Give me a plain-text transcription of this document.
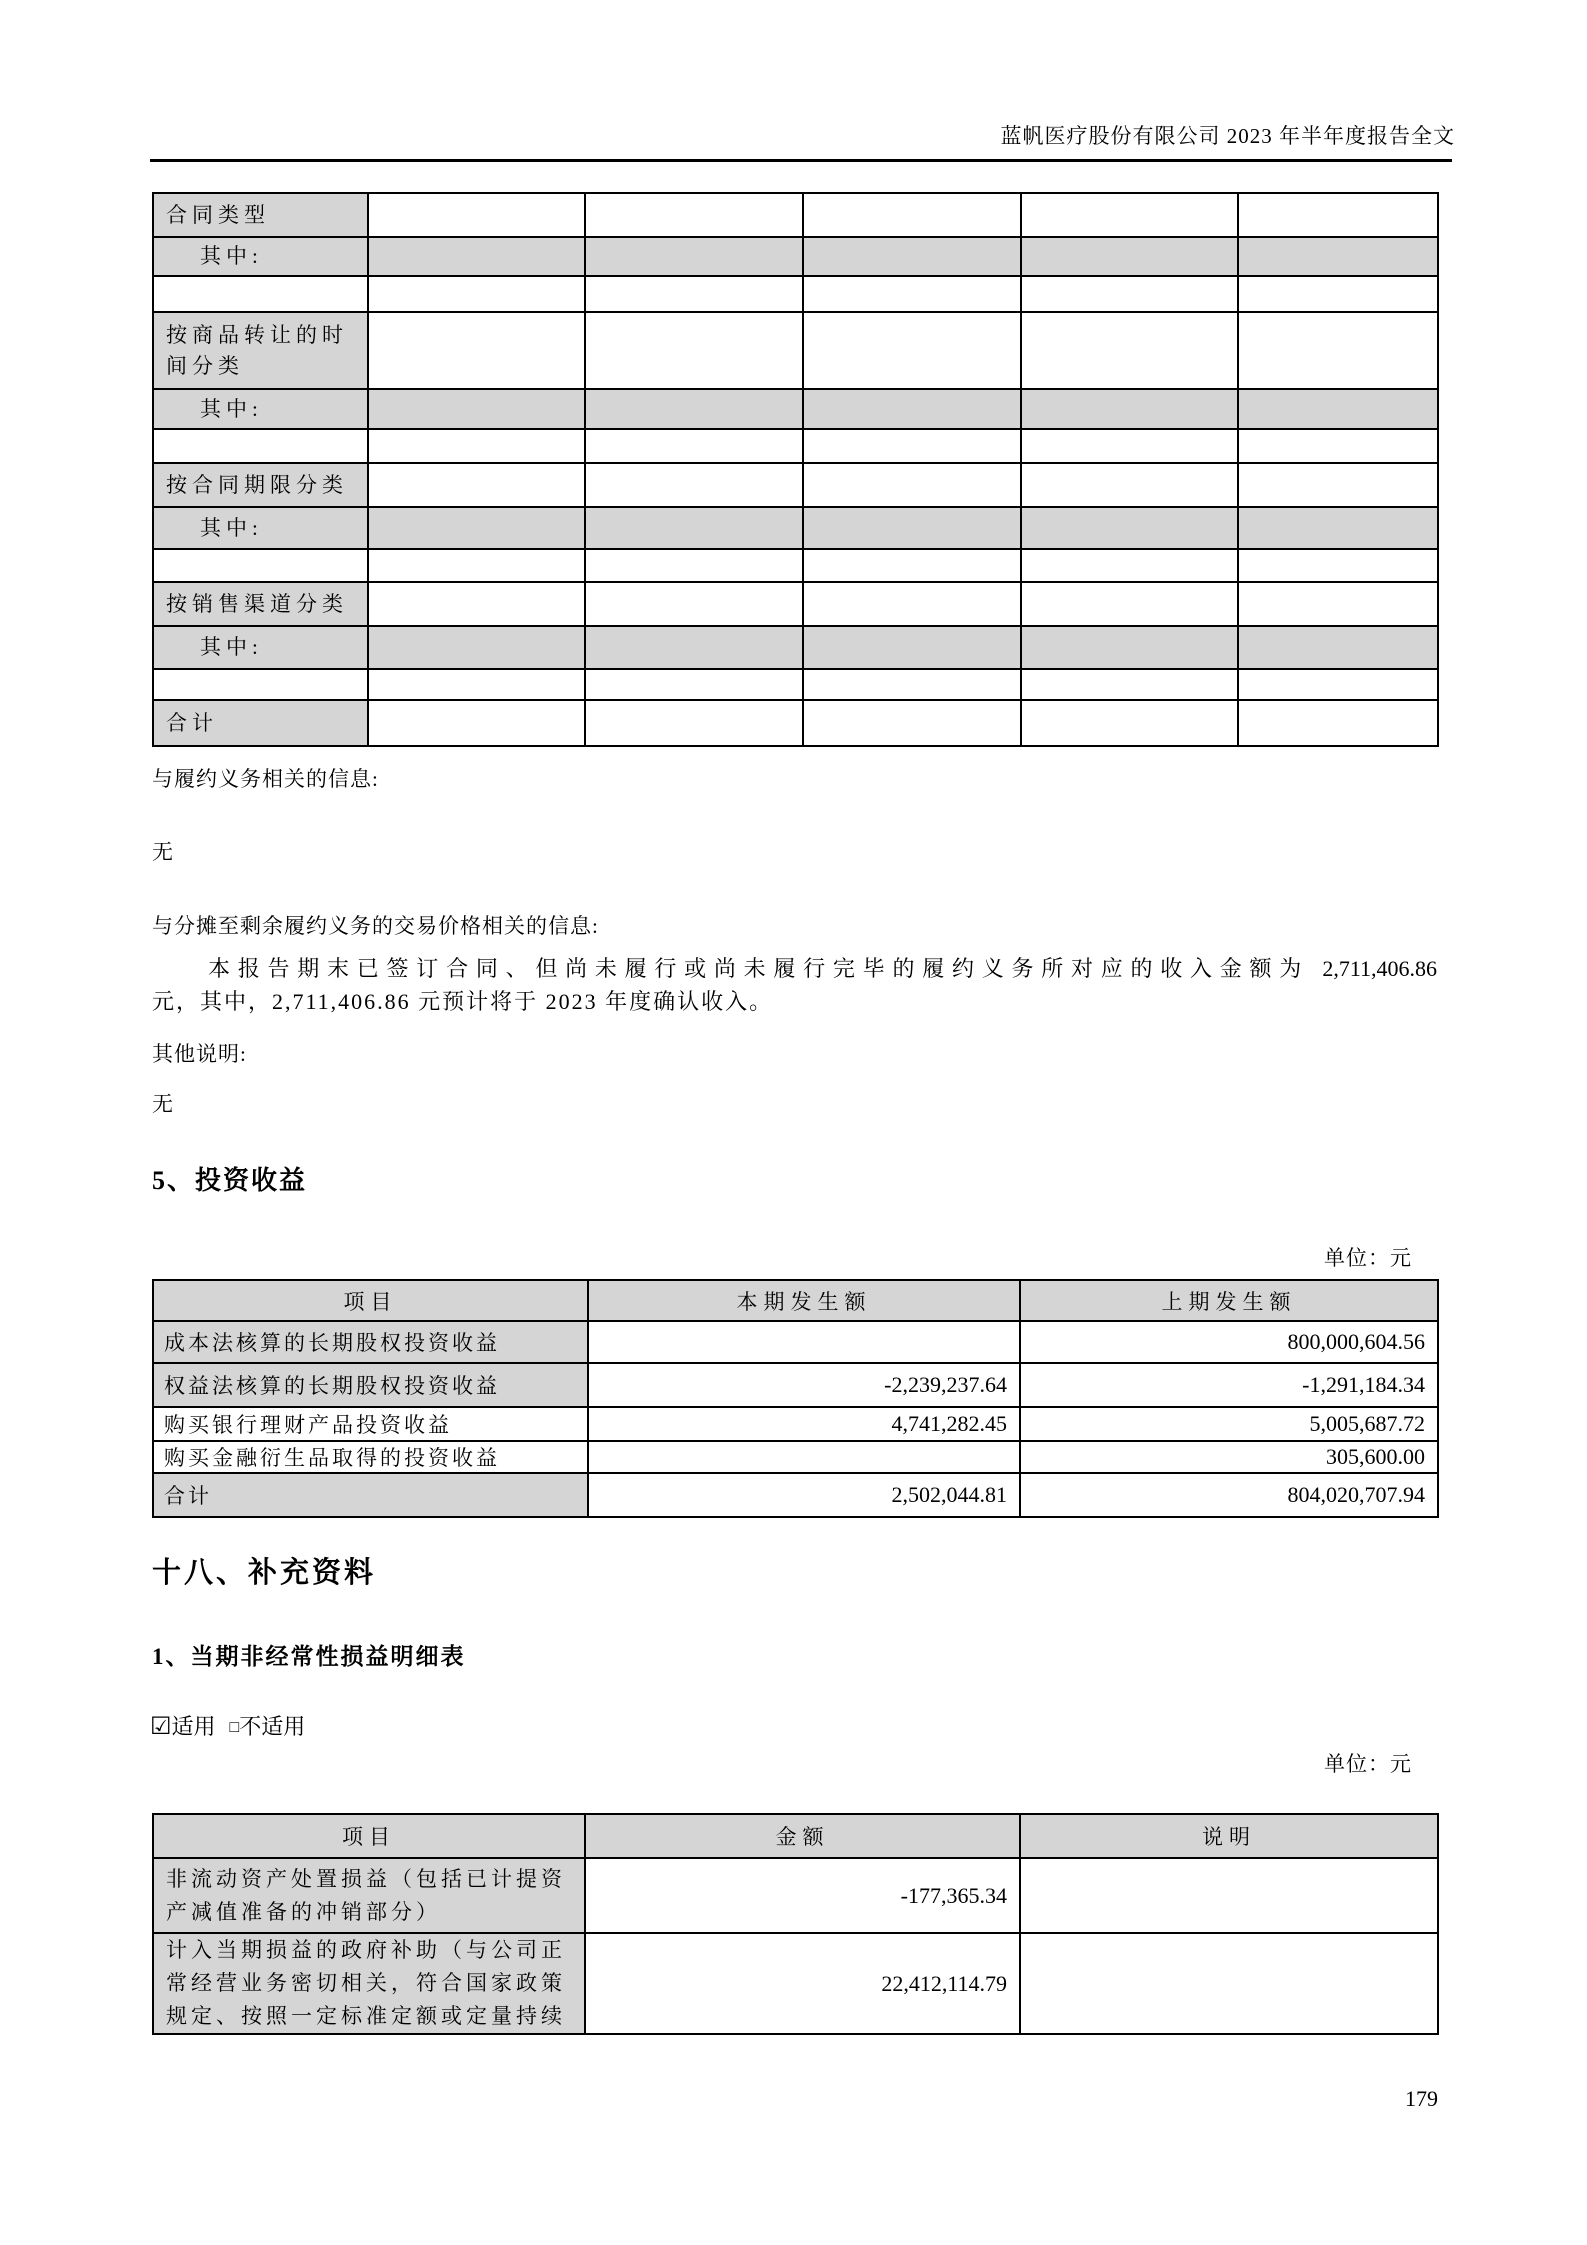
蓝帆医疗股份有限公司 2023 年半年度报告全文
合同类型					
其中:					

按商品转让的时间分类					
其中:					

按合同期限分类					
其中:					

按销售渠道分类					
其中:					

合计					
与履约义务相关的信息:
无
与分摊至剩余履约义务的交易价格相关的信息:
本报告期末已签订合同、但尚未履行或尚未履行完毕的履约义务所对应的收入金额为 2,711,406.86
元，其中，2,711,406.86 元预计将于 2023 年度确认收入。
其他说明:
无
5、投资收益
单位：元
项目	本期发生额	上期发生额
成本法核算的长期股权投资收益		800,000,604.56
权益法核算的长期股权投资收益	-2,239,237.64	-1,291,184.34
购买银行理财产品投资收益	4,741,282.45	5,005,687.72
购买金融衍生品取得的投资收益		305,600.00
合计	2,502,044.81	804,020,707.94
十八、补充资料
1、当期非经常性损益明细表
☑适用 □不适用
单位：元
项目	金额	说明
非流动资产处置损益（包括已计提资产减值准备的冲销部分）	-177,365.34	
计入当期损益的政府补助（与公司正常经营业务密切相关，符合国家政策规定、按照一定标准定额或定量持续	22,412,114.79	
179
